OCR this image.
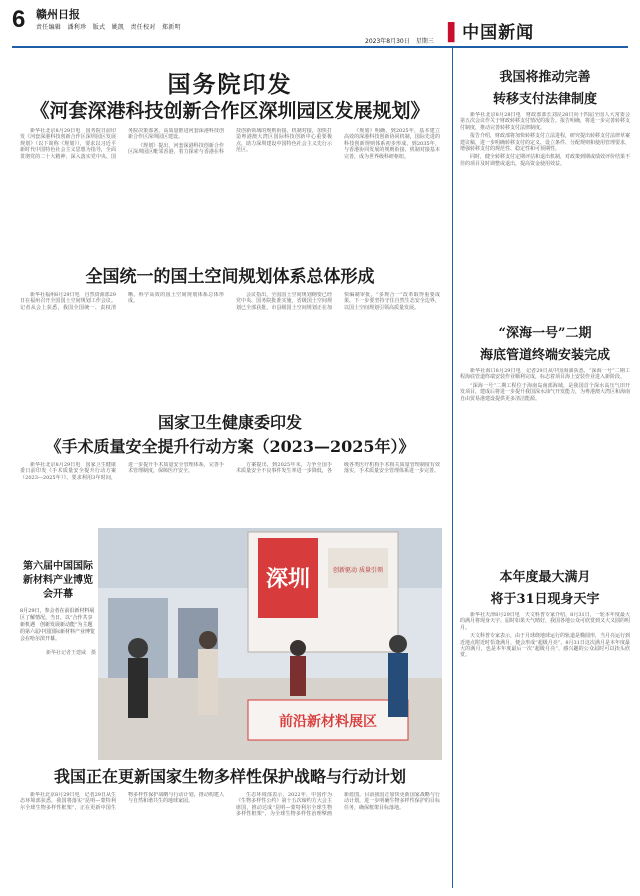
6 赣州日报
责任编辑　潘利珍　版式　姚凯　责任校对　郑新明
2023年8月30日　星期三 ▌中国新闻
国务院印发
《河套深港科技创新合作区深圳园区发展规划》

新华社北京8月29日电　国务院日前印发《河套深港科技创新合作区深圳园区发展规划》（以下简称《规划》），要求以习近平新时代中国特色社会主义思想为指导，全面贯彻党的二十大精神，深入落实党中央、国务院决策部署，高质量推进河套深港科技创新合作区深圳园区建设。

《规划》提出，河套深港科技创新合作区深圳园区毗邻香港，着力探索与香港在科技创新领域的规则衔接、机制对接，加快打造粤港澳大湾区国际科技创新中心重要极点，助力深圳建设中国特色社会主义先行示范区。

《规划》明确，到2025年，基本建立高效的深港科技创新协同机制，国际先进的科技创新规则体系初步形成。到2035年，与香港协同发展的规则衔接、机制对接基本完善，成为世界级科研枢纽。

全国统一的国土空间规划体系总体形成

新华社福州8月29日电　自然资源部29日在福州召开全国国土空间规划工作会议。记者从会上获悉，我国全国统一、责权清晰、科学高效的国土空间规划体系总体形成。

会议指出，全国国土空间规划纲要已经党中央、国务院批准实施，省级国土空间规划已全部获批，市县级国土空间规划正在加快编制审批，“多规合一”改革取得重要成果。下一步要坚持守住自然生态安全边界，以国土空间规划引领高质量发展。

国家卫生健康委印发
《手术质量安全提升行动方案（2023—2025年）》

新华社北京8月29日电　国家卫生健康委日前印发《手术质量安全提升行动方案（2023—2025年）》，要求利用3年时间，进一步提升手术质量安全管理体系，完善手术管理制度，保障医疗安全。

方案提出，到2025年末，力争全国手术质量安全不良事件发生率进一步降低，各级各类医疗机构手术相关质量管理制度有效落实，手术质量安全管理体系进一步完善。

第六届中国国际新材料产业博览会开幕
8月29日，参会者在前沿新材料展区了解情况。当日，以“合作共享新机遇　创新发展新动能”为主题的第六届中国国际新材料产业博览会在哈尔滨开幕。
新华社记者王建威　摄
深圳	创新驱动 质量引领
前沿新材料展区
我国正在更新国家生物多样性保护战略与行动计划

新华社北京8月29日电　记者29日从生态环境部获悉，我国将落实“昆明—蒙特利尔全球生物多样性框架”，正在更新中国生物多样性保护战略与行动计划，推动构建人与自然和谐共生的地球家园。

生态环境部表示，2022年，中国作为《生物多样性公约》第十五次缔约方大会主席国，推动达成“昆明—蒙特利尔全球生物多样性框架”，为全球生物多样性治理擘画新蓝图。目前我国正加快更新国家战略与行动计划，进一步明确生物多样性保护的目标任务，确保框架目标落地。

我国将推动完善
转移支付法律制度

新华社北京8月28日电　财政部部长刘昆28日向十四届全国人大常委会第五次会议作关于财政转移支付情况的报告。报告明确，将进一步完善转移支付制度，推动完善转移支付法律制度。

报告介绍，财政部将加快转移支付立法进程，研究提出转移支付法律草案建议稿，进一步明确转移支付的定义、设立条件、分配规则和使用管理要求，增强转移支付的规范性、稳定性和可预期性。

同时，健全转移支付定期评估和退出机制，对政策到期或绩效评价结果不佳的项目及时调整或退出，提高资金使用效益。

“深海一号”二期
海底管道终端安装完成

新华社海口8月29日电　记者29日从中国海油获悉，“深海一号”二期工程海底管道终端安装作业顺利完成，标志着项目海上安装作业进入新阶段。

“深海一号”二期工程位于海南岛南部海域，是我国首个深水高压气田开发项目，建成后将进一步提升我国深水油气开发能力，为粤港澳大湾区和海南自由贸易港建设提供更多清洁能源。

本年度最大满月
将于31日现身天宇

新华社天津8月29日电　天文科普专家介绍，8月31日，一轮本年度最大的满月将现身天宇。届时如果天气晴好，我国各地公众可欣赏到又大又圆的明月。

天文科普专家表示，由于月球绕地球运行的轨道是椭圆形，当月亮运行到近地点附近时恰逢满月，便会形成“超级月亮”。8月31日这次满月是本年度最大的满月，也是本年度最后一次“超级月亮”，感兴趣的公众届时可以抬头欣赏。
